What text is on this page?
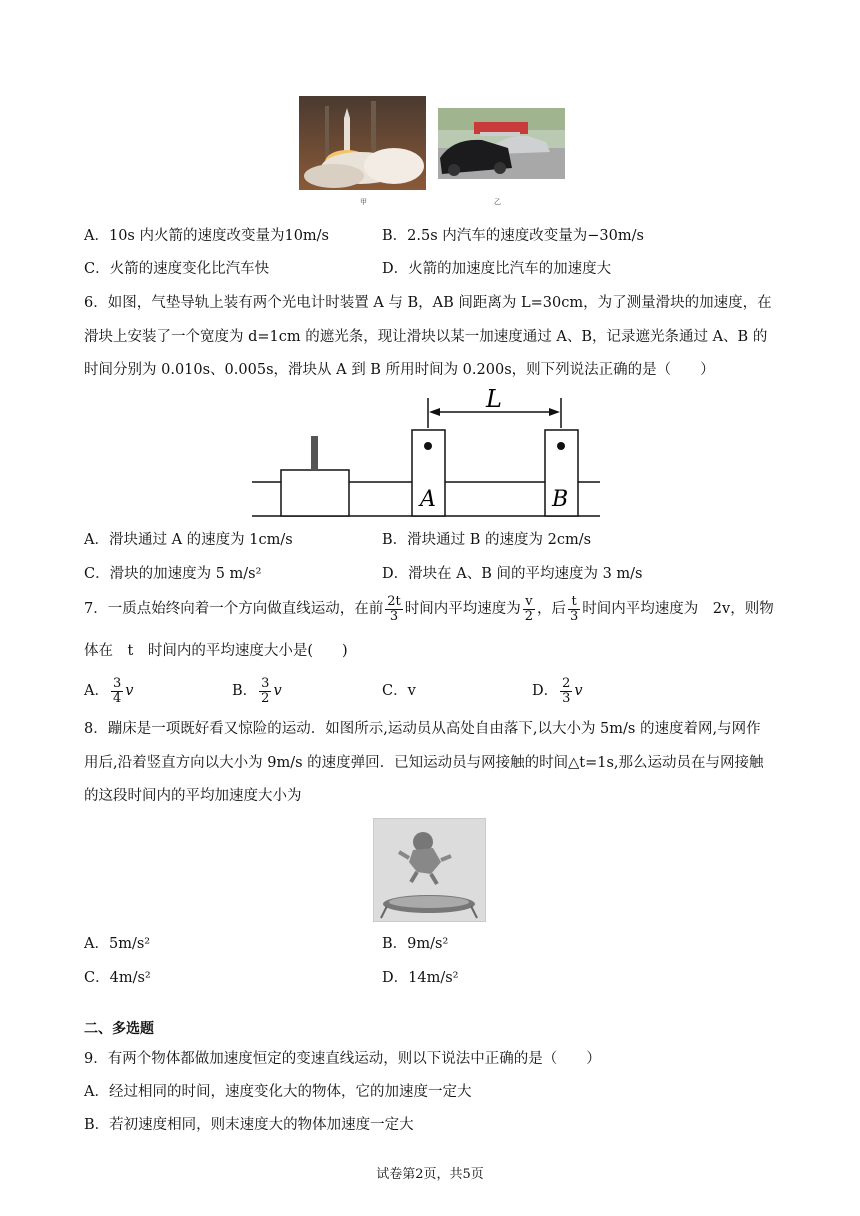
甲	乙
A．10s 内火箭的速度改变量为10m/s	B．2.5s 内汽车的速度改变量为−30m/s
C．火箭的速度变化比汽车快	D．火箭的加速度比汽车的加速度大
6．如图，气垫导轨上装有两个光电计时装置 A 与 B，AB 间距离为 L=30cm，为了测量滑块的加速度，在
滑块上安装了一个宽度为 d=1cm 的遮光条，现让滑块以某一加速度通过 A、B，记录遮光条通过 A、B 的
时间分别为 0.010s、0.005s，滑块从 A 到 B 所用时间为 0.200s，则下列说法正确的是（　　）
A	B
L
A．滑块通过 A 的速度为 1cm/s	B．滑块通过 B 的速度为 2cm/s
C．滑块的加速度为 5 m/s²	D．滑块在 A、B 间的平均速度为 3 m/s
7．一质点始终向着一个方向做直线运动，在前 $\frac{2t}{3}$ 时间内平均速度为 $\frac{v}{2}$ ，后 $\frac{t}{3}$ 时间内平均速度为　2v，则物
体在　t　时间内的平均速度大小是(　　)
A． $\frac{3}{4}$ v	B． $\frac{3}{2}$ v	C．v	D． $\frac{2}{3}$ v
8．蹦床是一项既好看又惊险的运动．如图所示,运动员从高处自由落下,以大小为 5m/s 的速度着网,与网作
用后,沿着竖直方向以大小为 9m/s 的速度弹回．已知运动员与网接触的时间△t=1s,那么运动员在与网接触
的这段时间内的平均加速度大小为
A．5m/s²	B．9m/s²
C．4m/s²	D．14m/s²
二、多选题
9．有两个物体都做加速度恒定的变速直线运动，则以下说法中正确的是（　　）
A．经过相同的时间，速度变化大的物体，它的加速度一定大
B．若初速度相同，则末速度大的物体加速度一定大
试卷第2页，共5页
